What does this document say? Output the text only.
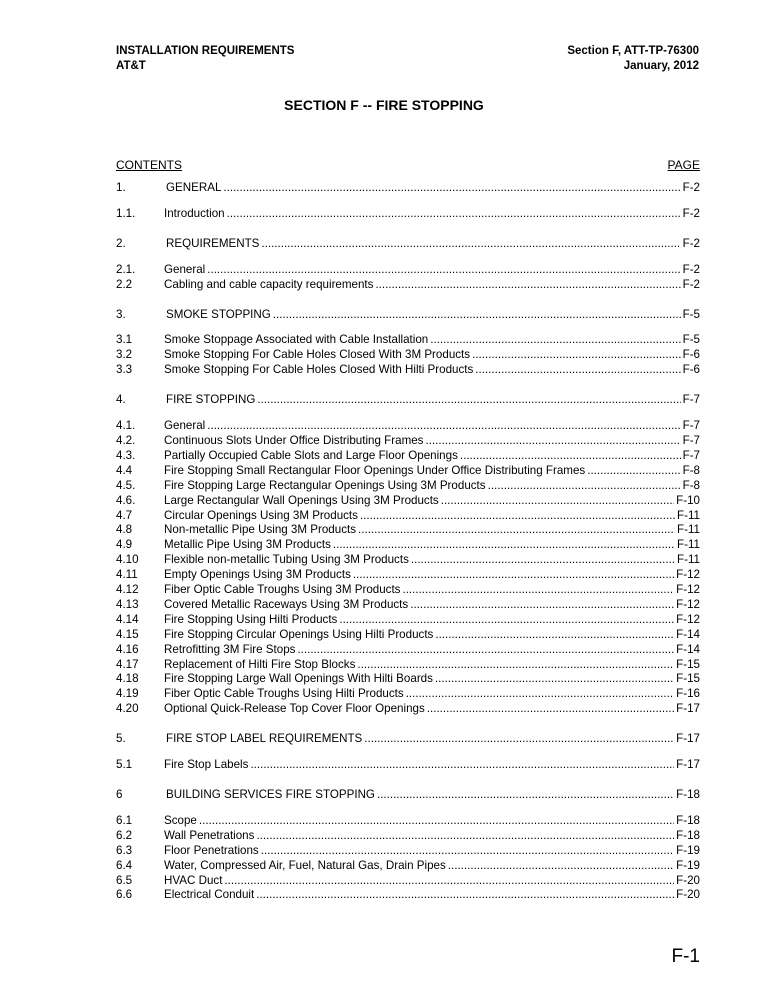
INSTALLATION REQUIREMENTS
AT&T
Section F, ATT-TP-76300
January, 2012
SECTION F -- FIRE STOPPING
CONTENTS	PAGE
1.	GENERAL .....	F-2
1.1.	Introduction .....	F-2
2.	REQUIREMENTS .....	F-2
2.1.	General .....	F-2
2.2	Cabling and cable capacity requirements .....	F-2
3.	SMOKE STOPPING .....	F-5
3.1	Smoke Stoppage Associated with Cable Installation .....	F-5
3.2	Smoke Stopping For Cable Holes Closed With 3M Products .....	F-6
3.3	Smoke Stopping For Cable Holes Closed With Hilti Products .....	F-6
4.	FIRE STOPPING .....	F-7
4.1.	General .....	F-7
4.2.	Continuous Slots Under Office Distributing Frames .....	F-7
4.3.	Partially Occupied Cable Slots and Large Floor Openings .....	F-7
4.4	Fire Stopping Small Rectangular Floor Openings Under Office Distributing Frames .....	F-8
4.5.	Fire Stopping Large Rectangular Openings Using 3M Products .....	F-8
4.6.	Large Rectangular Wall Openings Using 3M Products .....	F-10
4.7	Circular Openings Using 3M Products .....	F-11
4.8	Non-metallic Pipe Using 3M Products .....	F-11
4.9	Metallic Pipe Using 3M Products .....	F-11
4.10	Flexible non-metallic Tubing Using 3M Products .....	F-11
4.11	Empty Openings Using 3M Products .....	F-12
4.12	Fiber Optic Cable Troughs Using 3M Products .....	F-12
4.13	Covered Metallic Raceways Using 3M Products .....	F-12
4.14	Fire Stopping Using Hilti Products .....	F-12
4.15	Fire Stopping Circular Openings Using Hilti Products .....	F-14
4.16	Retrofitting 3M Fire Stops .....	F-14
4.17	Replacement of Hilti Fire Stop Blocks .....	F-15
4.18	Fire Stopping Large Wall Openings With Hilti Boards .....	F-15
4.19	Fiber Optic Cable Troughs Using Hilti Products .....	F-16
4.20	Optional Quick-Release Top Cover Floor Openings .....	F-17
5.	FIRE STOP LABEL REQUIREMENTS .....	F-17
5.1	Fire Stop Labels .....	F-17
6	BUILDING SERVICES FIRE STOPPING .....	F-18
6.1	Scope .....	F-18
6.2	Wall Penetrations .....	F-18
6.3	Floor Penetrations .....	F-19
6.4	Water, Compressed Air, Fuel, Natural Gas, Drain Pipes .....	F-19
6.5	HVAC Duct .....	F-20
6.6	Electrical Conduit .....	F-20
F-1
